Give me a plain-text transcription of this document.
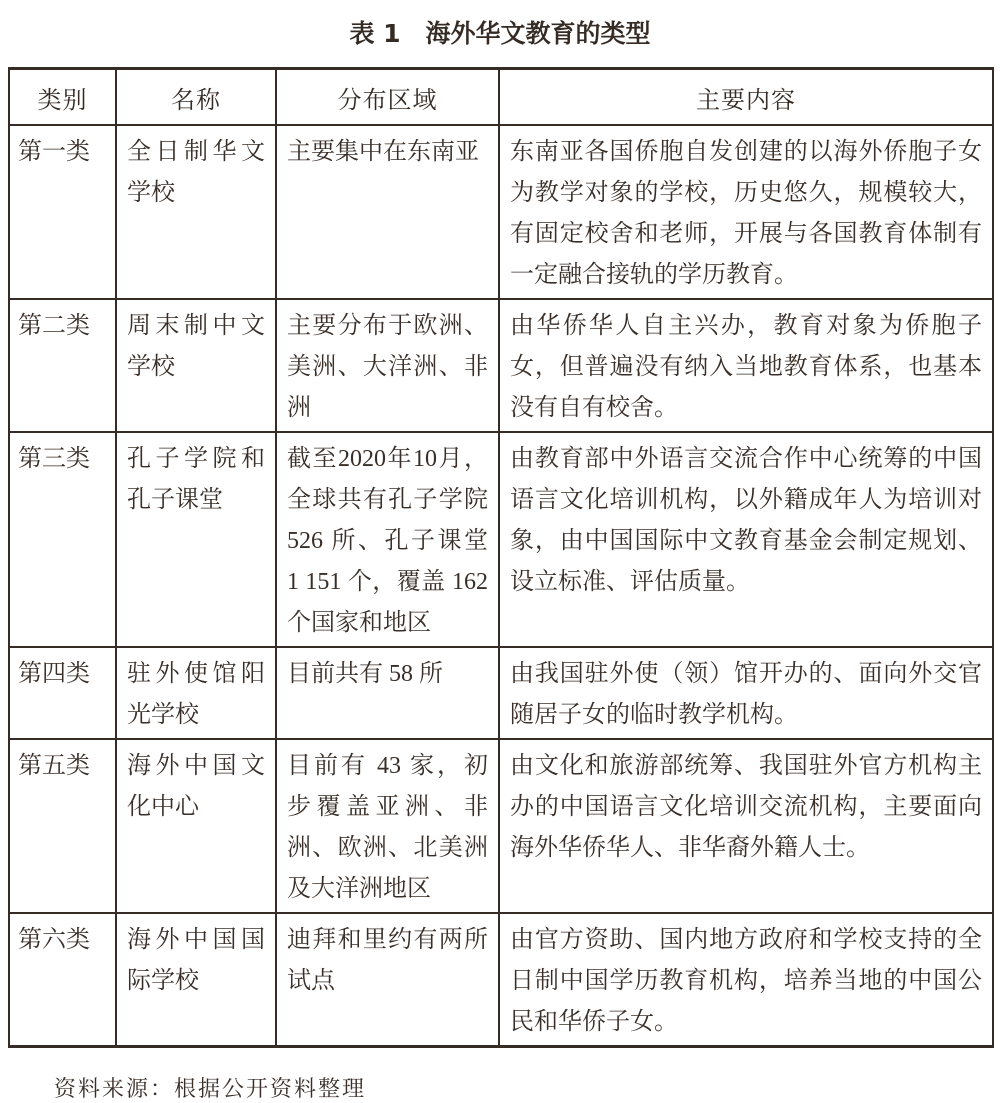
表 1　海外华文教育的类型
类别	名称	分布区域	主要内容
第一类	全日制华文学校	主要集中在东南亚	东南亚各国侨胞自发创建的以海外侨胞子女为教学对象的学校，历史悠久，规模较大，有固定校舍和老师，开展与各国教育体制有一定融合接轨的学历教育。
第二类	周末制中文学校	主要分布于欧洲、美洲、大洋洲、非洲	由华侨华人自主兴办，教育对象为侨胞子女，但普遍没有纳入当地教育体系，也基本没有自有校舍。
第三类	孔子学院和孔子课堂	截至2020年10月，全球共有孔子学院 526 所、孔子课堂 1 151 个，覆盖 162 个国家和地区	由教育部中外语言交流合作中心统筹的中国语言文化培训机构，以外籍成年人为培训对象，由中国国际中文教育基金会制定规划、设立标准、评估质量。
第四类	驻外使馆阳光学校	目前共有 58 所	由我国驻外使（领）馆开办的、面向外交官随居子女的临时教学机构。
第五类	海外中国文化中心	目前有 43 家，初步覆盖亚洲、非洲、欧洲、北美洲及大洋洲地区	由文化和旅游部统筹、我国驻外官方机构主办的中国语言文化培训交流机构，主要面向海外华侨华人、非华裔外籍人士。
第六类	海外中国国际学校	迪拜和里约有两所试点	由官方资助、国内地方政府和学校支持的全日制中国学历教育机构，培养当地的中国公民和华侨子女。
资料来源：根据公开资料整理
